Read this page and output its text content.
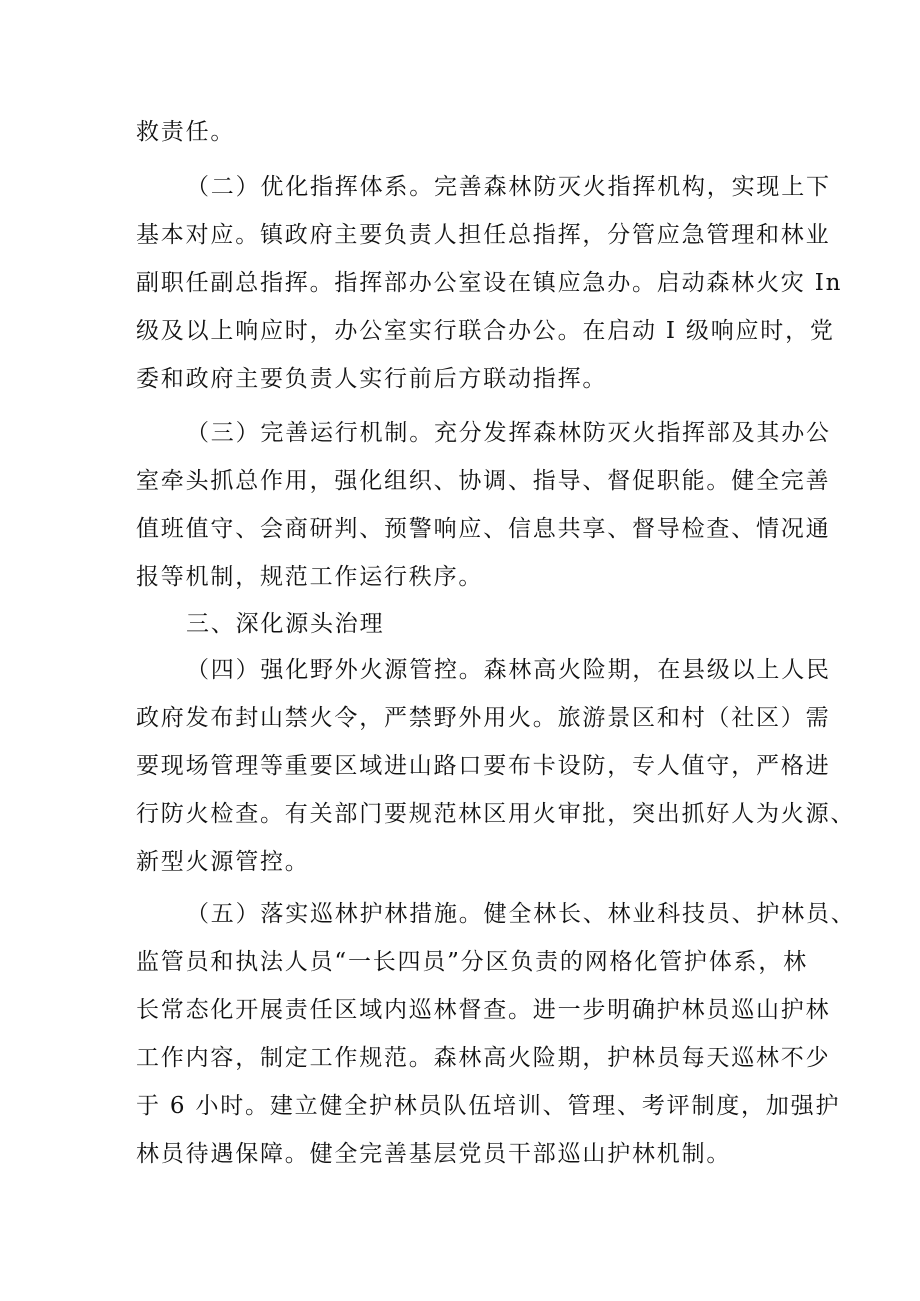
救责任。
（二）优化指挥体系。完善森林防灭火指挥机构，实现上下
基本对应。镇政府主要负责人担任总指挥，分管应急管理和林业
副职任副总指挥。指挥部办公室设在镇应急办。启动森林火灾 In
级及以上响应时，办公室实行联合办公。在启动 I 级响应时，党
委和政府主要负责人实行前后方联动指挥。
（三）完善运行机制。充分发挥森林防灭火指挥部及其办公
室牵头抓总作用，强化组织、协调、指导、督促职能。健全完善
值班值守、会商研判、预警响应、信息共享、督导检查、情况通
报等机制，规范工作运行秩序。
三、深化源头治理
（四）强化野外火源管控。森林高火险期，在县级以上人民
政府发布封山禁火令，严禁野外用火。旅游景区和村（社区）需
要现场管理等重要区域进山路口要布卡设防，专人值守，严格进
行防火检查。有关部门要规范林区用火审批，突出抓好人为火源、
新型火源管控。
（五）落实巡林护林措施。健全林长、林业科技员、护林员、
监管员和执法人员“一长四员”分区负责的网格化管护体系，林
长常态化开展责任区域内巡林督查。进一步明确护林员巡山护林
工作内容，制定工作规范。森林高火险期，护林员每天巡林不少
于 6 小时。建立健全护林员队伍培训、管理、考评制度，加强护
林员待遇保障。健全完善基层党员干部巡山护林机制。
